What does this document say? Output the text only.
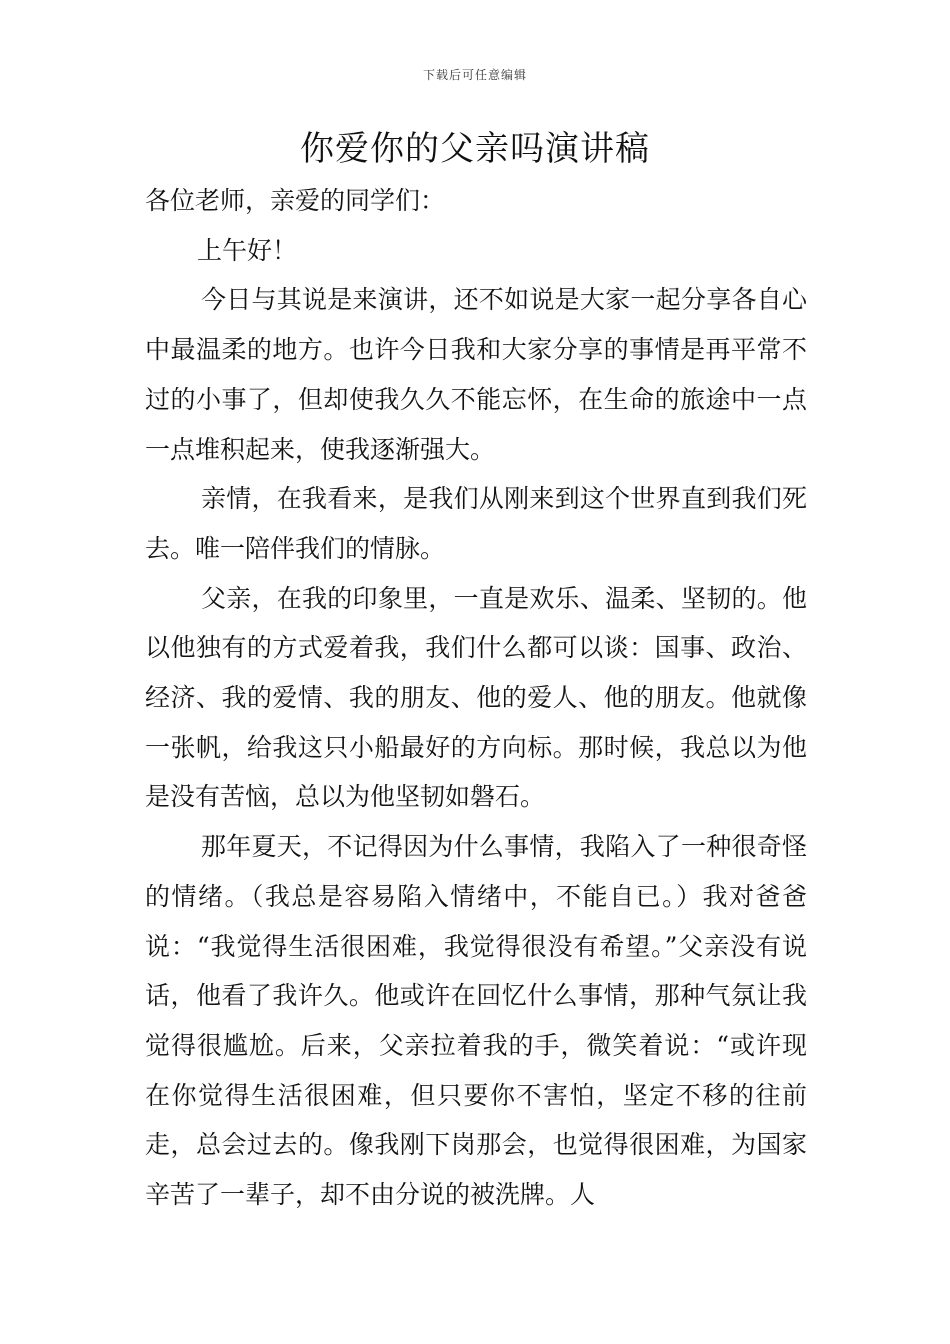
下载后可任意编辑
你爱你的父亲吗演讲稿

各位老师，亲爱的同学们：

上午好！

今日与其说是来演讲，还不如说是大家一起分享各自心中最温柔的地方。也许今日我和大家分享的事情是再平常不过的小事了，但却使我久久不能忘怀，在生命的旅途中一点一点堆积起来，使我逐渐强大。

亲情，在我看来，是我们从刚来到这个世界直到我们死去。唯一陪伴我们的情脉。

父亲，在我的印象里，一直是欢乐、温柔、坚韧的。他以他独有的方式爱着我，我们什么都可以谈：国事、政治、经济、我的爱情、我的朋友、他的爱人、他的朋友。他就像一张帆，给我这只小船最好的方向标。那时候，我总以为他是没有苦恼，总以为他坚韧如磐石。

那年夏天，不记得因为什么事情，我陷入了一种很奇怪的情绪。（我总是容易陷入情绪中，不能自已。）我对爸爸说：“我觉得生活很困难，我觉得很没有希望。”父亲没有说话，他看了我许久。他或许在回忆什么事情，那种气氛让我觉得很尴尬。后来，父亲拉着我的手，微笑着说：“或许现在你觉得生活很困难，但只要你不害怕，坚定不移的往前走，总会过去的。像我刚下岗那会，也觉得很困难，为国家辛苦了一辈子，却不由分说的被洗牌。人
